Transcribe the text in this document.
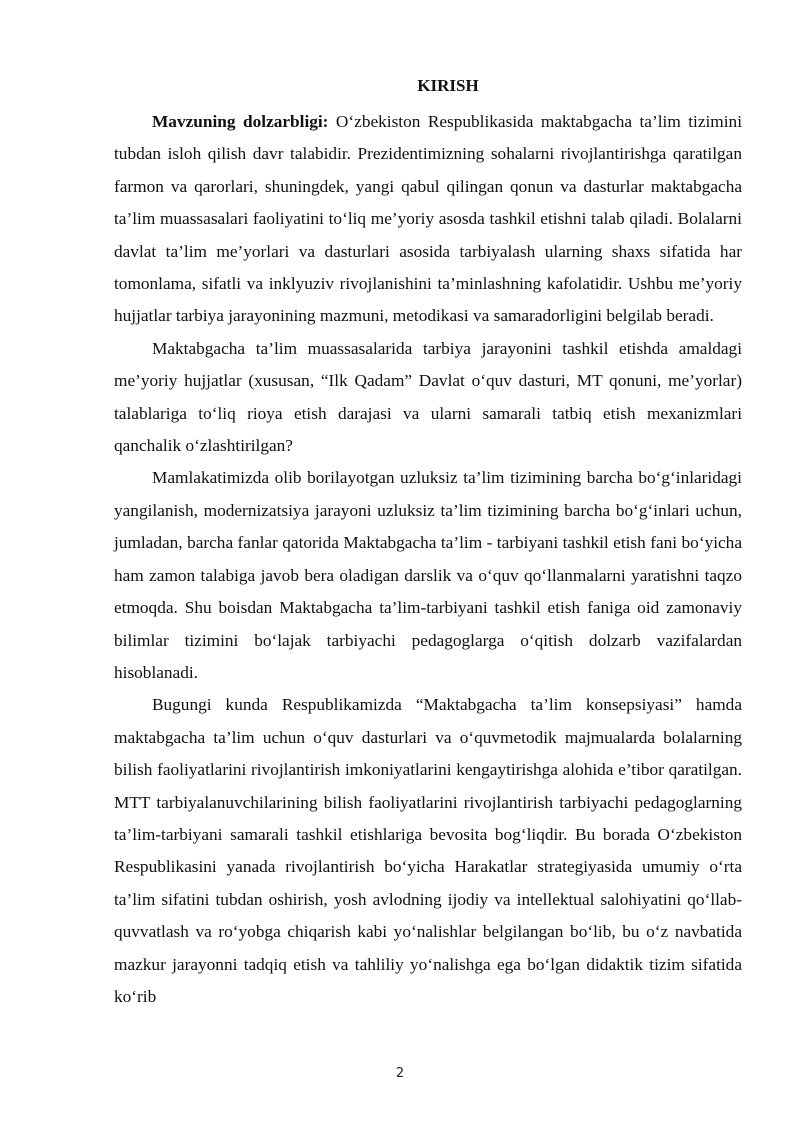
KIRISH

Mavzuning dolzarbligi: O‘zbekiston Respublikasida maktabgacha ta’lim tizimini tubdan isloh qilish davr talabidir. Prezidentimizning sohalarni rivojlantirishga qaratilgan farmon va qarorlari, shuningdek, yangi qabul qilingan qonun va dasturlar maktabgacha ta’lim muassasalari faoliyatini to‘liq me’yoriy asosda tashkil etishni talab qiladi. Bolalarni davlat ta’lim me’yorlari va dasturlari asosida tarbiyalash ularning shaxs sifatida har tomonlama, sifatli va inklyuziv rivojlanishini ta’minlashning kafolatidir. Ushbu me’yoriy hujjatlar tarbiya jarayonining mazmuni, metodikasi va samaradorligini belgilab beradi.

Maktabgacha ta’lim muassasalarida tarbiya jarayonini tashkil etishda amaldagi me’yoriy hujjatlar (xususan, “Ilk Qadam” Davlat o‘quv dasturi, MT qonuni, me’yorlar) talablariga to‘liq rioya etish darajasi va ularni samarali tatbiq etish mexanizmlari qanchalik o‘zlashtirilgan?

Mamlakatimizda olib borilayotgan uzluksiz ta’lim tizimining barcha bo‘g‘inlaridagi yangilanish, modernizatsiya jarayoni uzluksiz ta’lim tizimining barcha bo‘g‘inlari uchun, jumladan, barcha fanlar qatorida Maktabgacha ta’lim - tarbiyani tashkil etish fani bo‘yicha ham zamon talabiga javob bera oladigan darslik va o‘quv qo‘llanmalarni yaratishni taqzo etmoqda. Shu boisdan Maktabgacha ta’lim-tarbiyani tashkil etish faniga oid zamonaviy bilimlar tizimini bo‘lajak tarbiyachi pedagoglarga o‘qitish dolzarb vazifalardan hisoblanadi.

Bugungi kunda Respublikamizda “Maktabgacha ta’lim konsepsiyasi” hamda maktabgacha ta’lim uchun o‘quv dasturlari va o‘quvmetodik majmualarda bolalarning bilish faoliyatlarini rivojlantirish imkoniyatlarini kengaytirishga alohida e’tibor qaratilgan. MTT tarbiyalanuvchilarining bilish faoliyatlarini rivojlantirish tarbiyachi pedagoglarning ta’lim-tarbiyani samarali tashkil etishlariga bevosita bog‘liqdir. Bu borada O‘zbekiston Respublikasini yanada rivojlantirish bo‘yicha Harakatlar strategiyasida umumiy o‘rta ta’lim sifatini tubdan oshirish, yosh avlodning ijodiy va intellektual salohiyatini qo‘llab-quvvatlash va ro‘yobga chiqarish kabi yo‘nalishlar belgilangan bo‘lib, bu o‘z navbatida mazkur jarayonni tadqiq etish va tahliliy yo‘nalishga ega bo‘lgan didaktik tizim sifatida ko‘rib

2
